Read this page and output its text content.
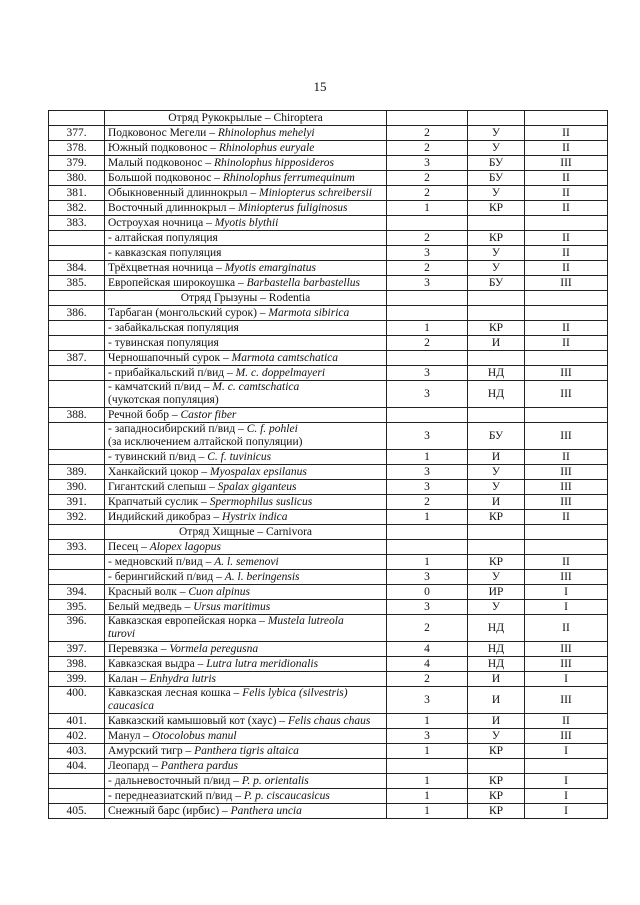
15
	Отряд Рукокрылые – Chiroptera			
377.	Подковонос Мегели – Rhinolophus mehelyi	2	У	II
378.	Южный подковонос – Rhinolophus euryale	2	У	II
379.	Малый подковонос – Rhinolophus hipposideros	3	БУ	III
380.	Большой подковонос – Rhinolophus ferrumequinum	2	БУ	II
381.	Обыкновенный длиннокрыл – Miniopterus schreibersii	2	У	II
382.	Восточный длиннокрыл – Miniopterus fuliginosus	1	КР	II
383.	Остроухая ночница – Myotis blythii			
	- алтайская популяция	2	КР	II
	- кавказская популяция	3	У	II
384.	Трёхцветная ночница – Myotis emarginatus	2	У	II
385.	Европейская широкоушка – Barbastella barbastellus	3	БУ	III
	Отряд Грызуны – Rodentia			
386.	Тарбаган (монгольский сурок) – Marmota sibirica			
	- забайкальская популяция	1	КР	II
	- тувинская популяция	2	И	II
387.	Черношапочный сурок – Marmota camtschatica			
	- прибайкальский п/вид – M. c. doppelmayeri	3	НД	III
	- камчатский п/вид – M. c. camtschatica
(чукотская популяция)	3	НД	III
388.	Речной бобр – Castor fiber			
	- западносибирский п/вид – C. f. pohlei
(за исключением алтайской популяции)	3	БУ	III
	- тувинский п/вид – C. f. tuvinicus	1	И	II
389.	Ханкайский цокор – Myospalax epsilanus	3	У	III
390.	Гигантский слепыш – Spalax giganteus	3	У	III
391.	Крапчатый суслик – Spermophilus suslicus	2	И	III
392.	Индийский дикобраз – Hystrix indica	1	КР	II
	Отряд Хищные – Carnivora			
393.	Песец – Alopex lagopus			
	- медновский п/вид – A. l. semenovi	1	КР	II
	- берингийский п/вид – A. l. beringensis	3	У	III
394.	Красный волк – Cuon alpinus	0	ИР	I
395.	Белый медведь – Ursus maritimus	3	У	I
396.	Кавказская европейская норка – Mustela lutreola
turovi	2	НД	II
397.	Перевязка – Vormela peregusna	4	НД	III
398.	Кавказская выдра – Lutra lutra meridionalis	4	НД	III
399.	Калан – Enhydra lutris	2	И	I
400.	Кавказская лесная кошка – Felis lybica (silvestris)
caucasica	3	И	III
401.	Кавказский камышовый кот (хаус) – Felis chaus chaus	1	И	II
402.	Манул – Otocolobus manul	3	У	III
403.	Амурский тигр – Panthera tigris altaica	1	КР	I
404.	Леопард – Panthera pardus			
	- дальневосточный п/вид – P. p. orientalis	1	КР	I
	- переднеазиатский п/вид – P. p. ciscaucasicus	1	КР	I
405.	Снежный барс (ирбис) – Panthera uncia	1	КР	I
